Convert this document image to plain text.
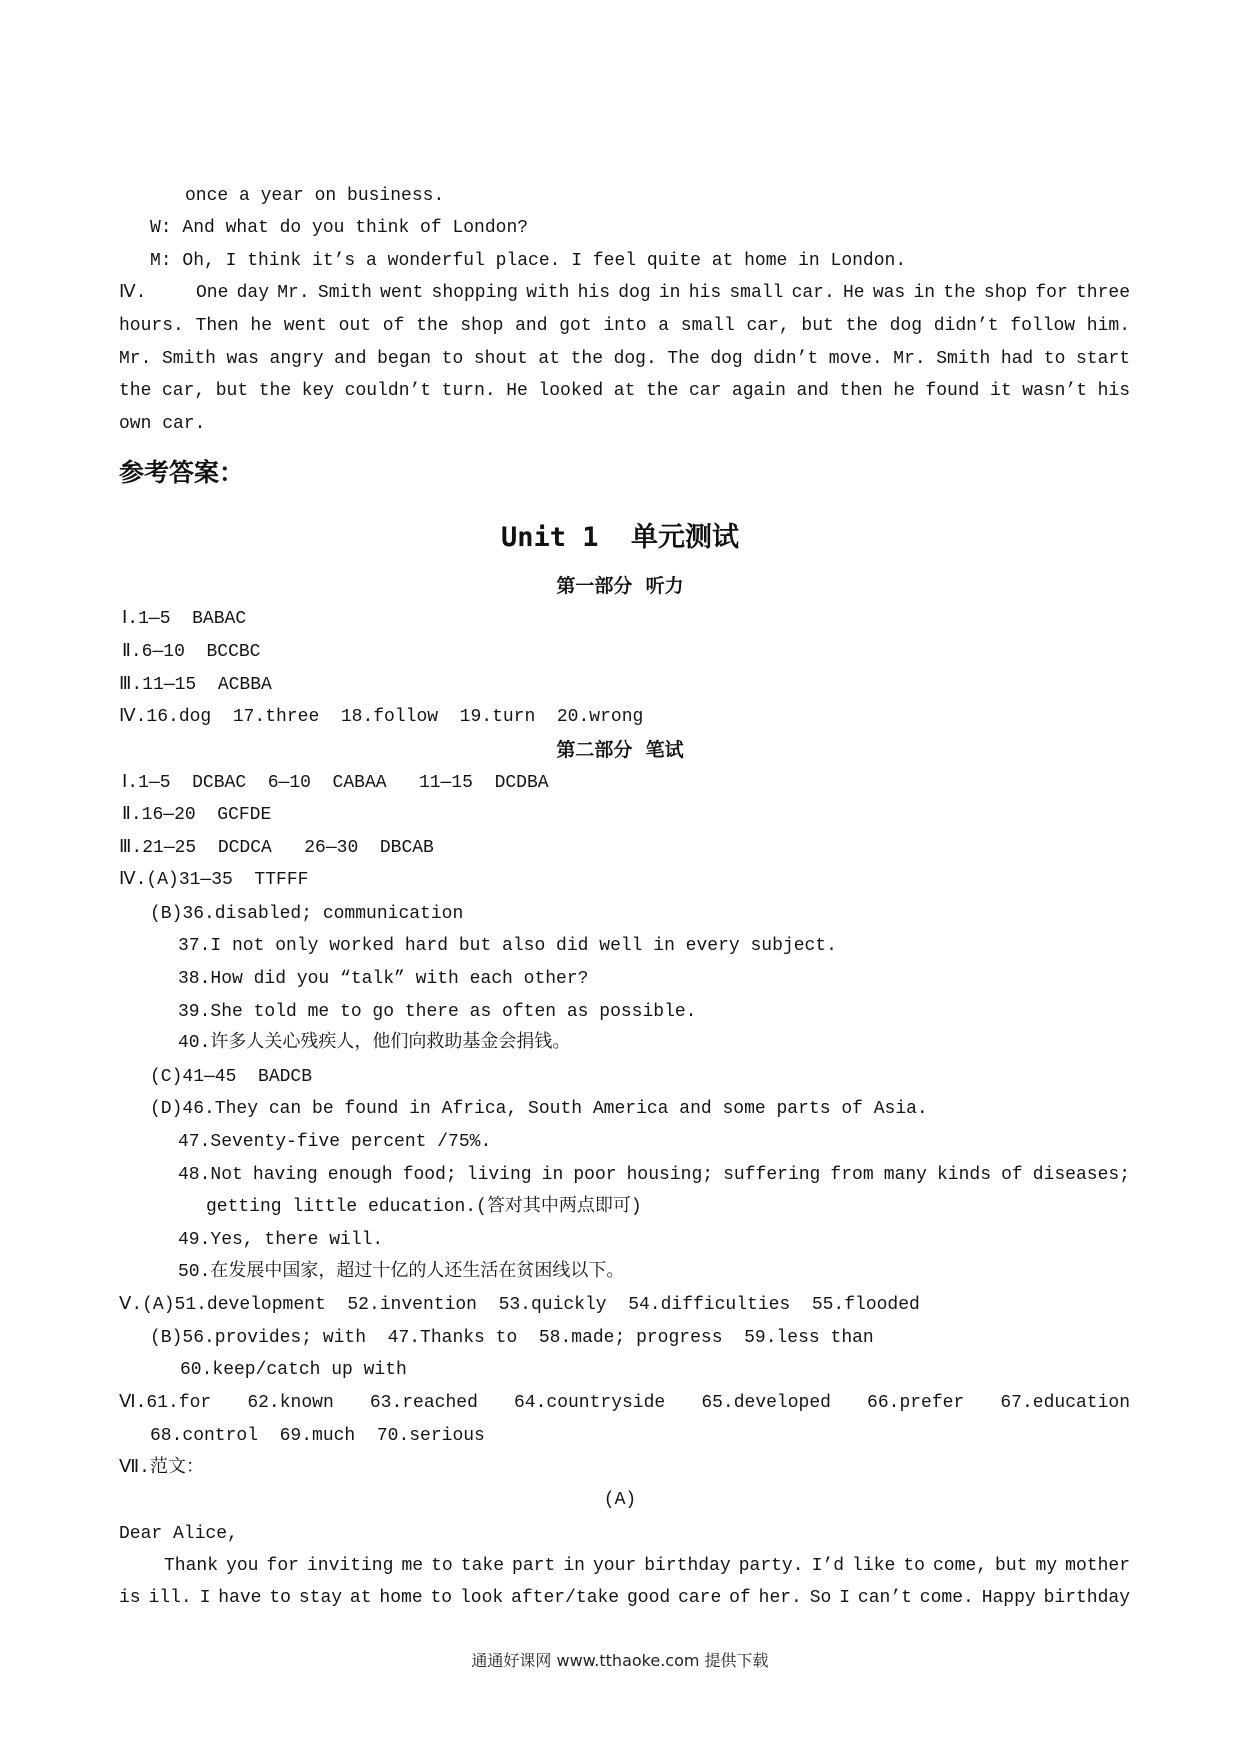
once a year on business.
W: And what do you think of London?
M: Oh, I think it’s a wonderful place. I feel quite at home in London.
Ⅳ.	One day Mr. Smith went shopping with his dog in his small car. He was in the shop for three
hours. Then he went out of the shop and got into a small car, but the dog didn’t follow him.
Mr. Smith was angry and began to shout at the dog. The dog didn’t move. Mr. Smith had to start
the car, but the key couldn’t turn. He looked at the car again and then he found it wasn’t his
own car.
参考答案：
Unit 1  单元测试
第一部分  听力
Ⅰ.1—5  BABAC
Ⅱ.6—10  BCCBC
Ⅲ.11—15  ACBBA
Ⅳ.16.dog  17.three  18.follow  19.turn  20.wrong
第二部分  笔试
Ⅰ.1—5  DCBAC  6—10  CABAA   11—15  DCDBA
Ⅱ.16—20  GCFDE
Ⅲ.21—25  DCDCA   26—30  DBCAB
Ⅳ.(A)31—35  TTFFF
(B)36.disabled; communication
37.I not only worked hard but also did well in every subject.
38.How did you “talk” with each other?
39.She told me to go there as often as possible.
40.许多人关心残疾人，他们向救助基金会捐钱。
(C)41—45  BADCB
(D)46.They can be found in Africa, South America and some parts of Asia.
47.Seventy-five percent /75%.
48.Not having enough food; living in poor housing; suffering from many kinds of diseases;
getting little education.(答对其中两点即可)
49.Yes, there will.
50.在发展中国家，超过十亿的人还生活在贫困线以下。
Ⅴ.(A)51.development  52.invention  53.quickly  54.difficulties  55.flooded
(B)56.provides; with  47.Thanks to  58.made; progress  59.less than
60.keep/catch up with
Ⅵ.61.for 62.known 63.reached 64.countryside 65.developed 66.prefer 67.education
68.control  69.much  70.serious
Ⅶ.范文：
(A)
Dear Alice,
Thank you for inviting me to take part in your birthday party. I’d like to come, but my mother
is ill. I have to stay at home to look after/take good care of her. So I can’t come. Happy birthday
通通好课网 www.tthaoke.com 提供下载
